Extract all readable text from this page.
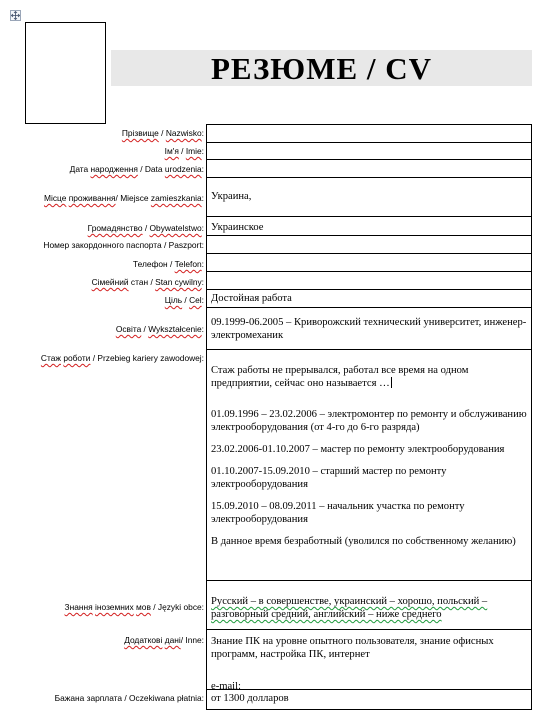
РЕЗЮМЕ / CV
Прізвище / Nazwisko:
Ім'я / Imie:
Дата народження / Data urodzenia:
Місце проживання/ Miejsce zamieszkania: Украина,
Громадянство / Obywatelstwo: Украинское
Номер закордонного паспорта / Paszport:
Телефон / Telefon:
Сімейний стан / Stan cywilny:
Ціль / Cel: Достойная работа
Освіта / Wykształcenie:
09.1999-06.2005 – Криворожский технический университет, инженер-электромеханик
Стаж роботи / Przebieg kariery zawodowej:

Стаж работы не прерывался, работал все время на одном предприятии, сейчас оно называется …

01.09.1996 – 23.02.2006 – электромонтер по ремонту и обслуживанию электрооборудования (от 4-го до 6-го разряда)

23.02.2006-01.10.2007 – мастер по ремонту электрооборудования

01.10.2007-15.09.2010 – старший мастер по ремонту электрооборудования

15.09.2010 – 08.09.2011 – начальник участка по ремонту электрооборудования

В данное время безработный (уволился по собственному желанию)

Знання іноземних мов / Języki obce: Русский – в совершенстве, украинский – хорошо, польский – разговорный средний, английский – ниже среднего
Додаткові дані/ Inne: Знание ПК на уровне опытного пользователя, знание офисных программ, настройка ПК, интернет

e-mail:

Бажана зарплата / Oczekiwana płatnia: от 1300 долларов
